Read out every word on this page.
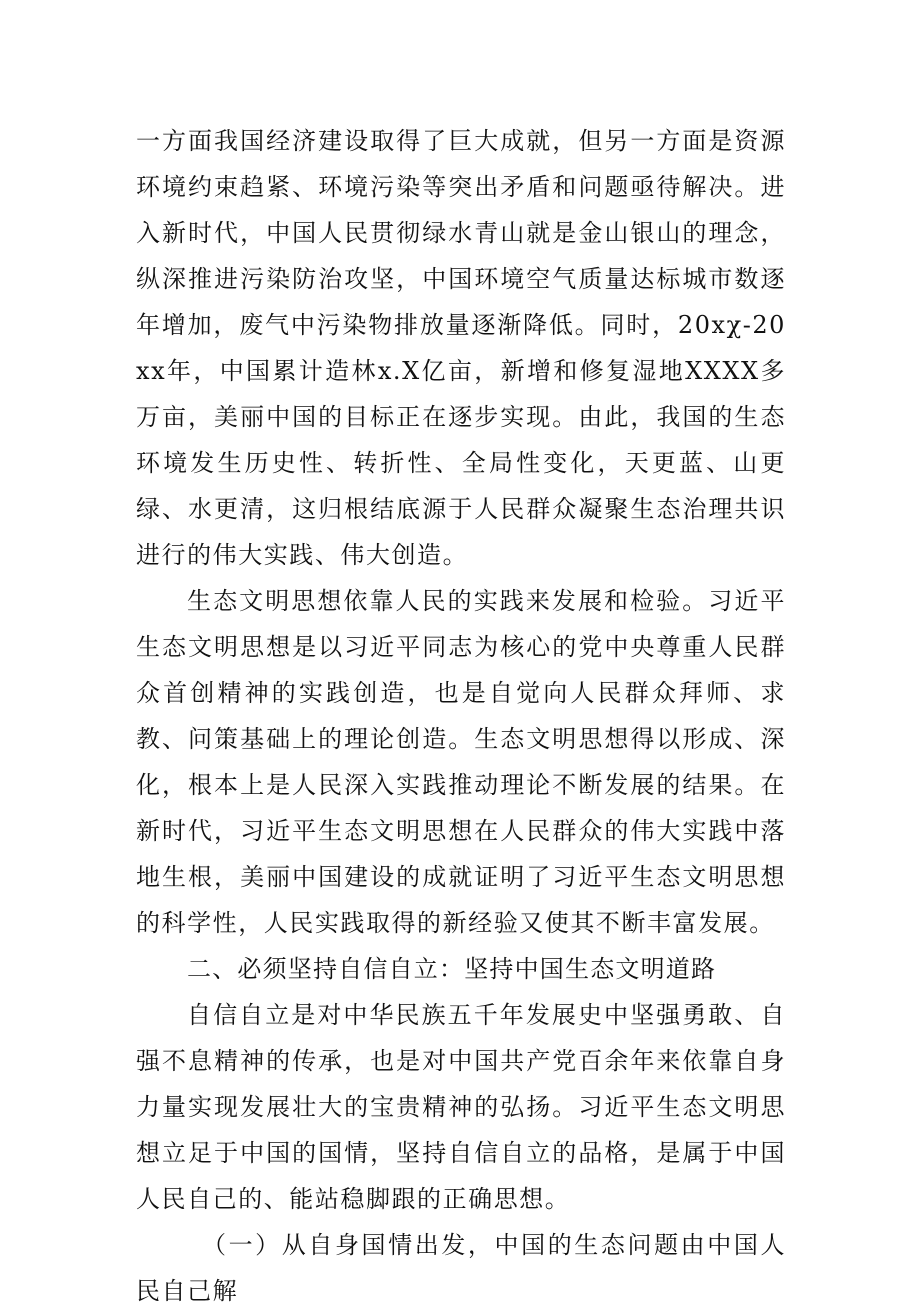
一方面我国经济建设取得了巨大成就，但另一方面是资源环境约束趋紧、环境污染等突出矛盾和问题亟待解决。进入新时代，中国人民贯彻绿水青山就是金山银山的理念，纵深推进污染防治攻坚，中国环境空气质量达标城市数逐年增加，废气中污染物排放量逐渐降低。同时，20xχ-20xx年，中国累计造林x.X亿亩，新增和修复湿地XXXX多万亩，美丽中国的目标正在逐步实现。由此，我国的生态环境发生历史性、转折性、全局性变化，天更蓝、山更绿、水更清，这归根结底源于人民群众凝聚生态治理共识进行的伟大实践、伟大创造。

生态文明思想依靠人民的实践来发展和检验。习近平生态文明思想是以习近平同志为核心的党中央尊重人民群众首创精神的实践创造，也是自觉向人民群众拜师、求教、问策基础上的理论创造。生态文明思想得以形成、深化，根本上是人民深入实践推动理论不断发展的结果。在新时代，习近平生态文明思想在人民群众的伟大实践中落地生根，美丽中国建设的成就证明了习近平生态文明思想的科学性，人民实践取得的新经验又使其不断丰富发展。

二、必须坚持自信自立：坚持中国生态文明道路

自信自立是对中华民族五千年发展史中坚强勇敢、自强不息精神的传承，也是对中国共产党百余年来依靠自身力量实现发展壮大的宝贵精神的弘扬。习近平生态文明思想立足于中国的国情，坚持自信自立的品格，是属于中国人民自己的、能站稳脚跟的正确思想。

（一）从自身国情出发，中国的生态问题由中国人民自己解
